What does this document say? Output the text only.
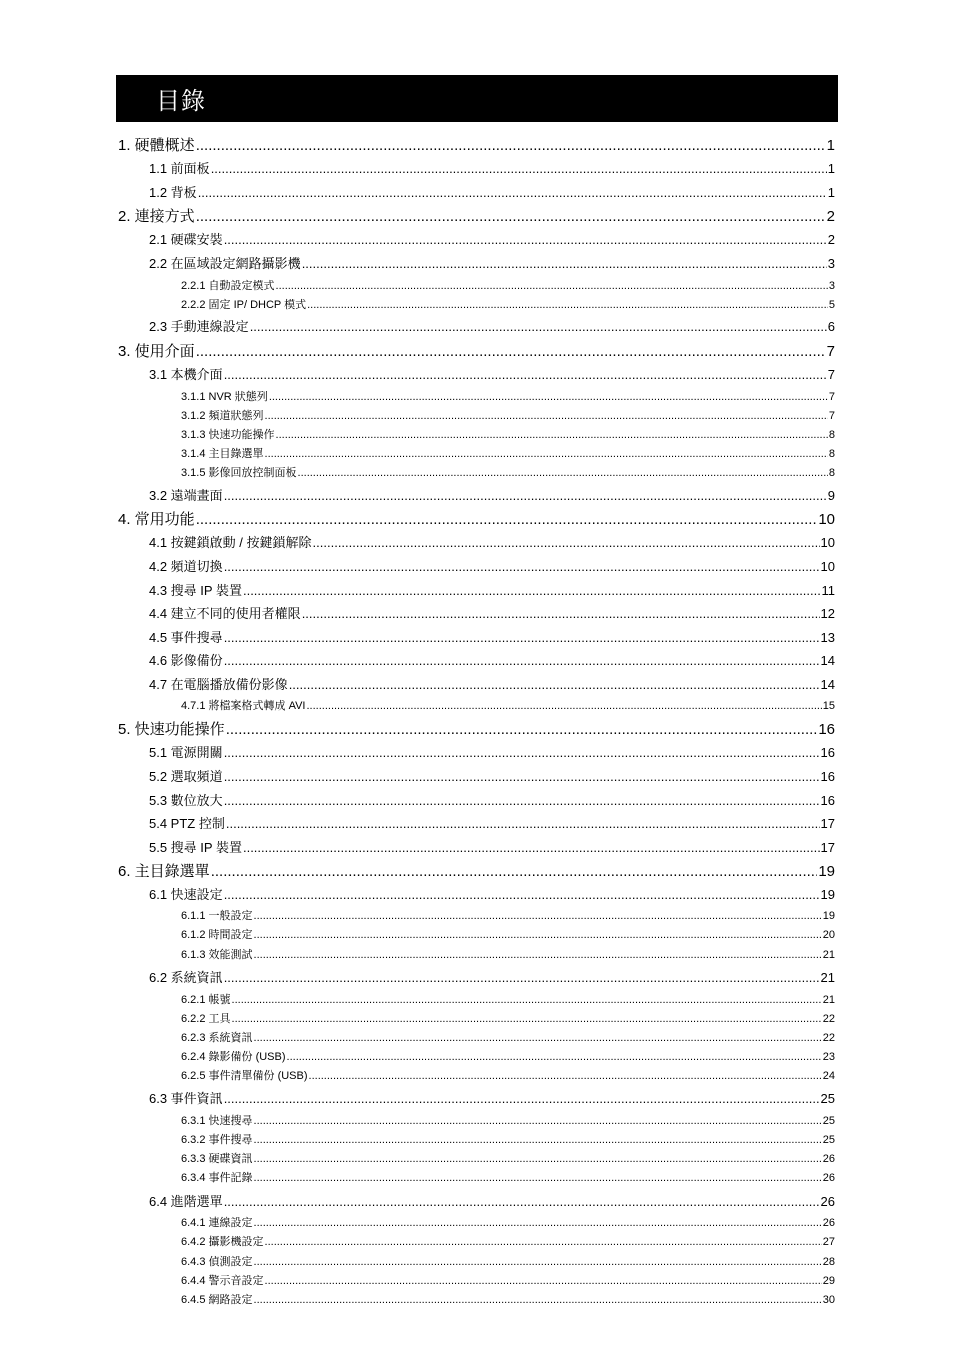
目錄
1. 硬體概述 .....	1
1.1 前面板 .....	1
1.2 背板 .....	1
2. 連接方式 .....	2
2.1 硬碟安裝 .....	2
2.2 在區域設定網路攝影機 .....	3
2.2.1 自動設定模式 .....	3
2.2.2 固定 IP/ DHCP 模式 .....	5
2.3 手動連線設定 .....	6
3. 使用介面 .....	7
3.1 本機介面 .....	7
3.1.1 NVR 狀態列 .....	7
3.1.2 頻道狀態列 .....	7
3.1.3 快速功能操作 .....	8
3.1.4 主目錄選單 .....	8
3.1.5 影像回放控制面板 .....	8
3.2 遠端畫面 .....	9
4. 常用功能 .....	10
4.1 按鍵鎖啟動 / 按鍵鎖解除 .....	10
4.2 頻道切換 .....	10
4.3 搜尋 IP 裝置 .....	11
4.4 建立不同的使用者權限 .....	12
4.5 事件搜尋 .....	13
4.6 影像備份 .....	14
4.7 在電腦播放備份影像 .....	14
4.7.1 將檔案格式轉成 AVI .....	15
5. 快速功能操作 .....	16
5.1 電源開關 .....	16
5.2 選取頻道 .....	16
5.3 數位放大 .....	16
5.4 PTZ 控制 .....	17
5.5 搜尋 IP 裝置 .....	17
6. 主目錄選單 .....	19
6.1 快速設定 .....	19
6.1.1 一般設定 .....	19
6.1.2 時間設定 .....	20
6.1.3 效能測試 .....	21
6.2 系統資訊 .....	21
6.2.1 帳號 .....	21
6.2.2 工具 .....	22
6.2.3 系統資訊 .....	22
6.2.4 錄影備份 (USB) .....	23
6.2.5 事件清單備份 (USB) .....	24
6.3 事件資訊 .....	25
6.3.1 快速搜尋 .....	25
6.3.2 事件搜尋 .....	25
6.3.3 硬碟資訊 .....	26
6.3.4 事件記錄 .....	26
6.4 進階選單 .....	26
6.4.1 連線設定 .....	26
6.4.2 攝影機設定 .....	27
6.4.3 偵測設定 .....	28
6.4.4 警示音設定 .....	29
6.4.5 網路設定 .....	30
